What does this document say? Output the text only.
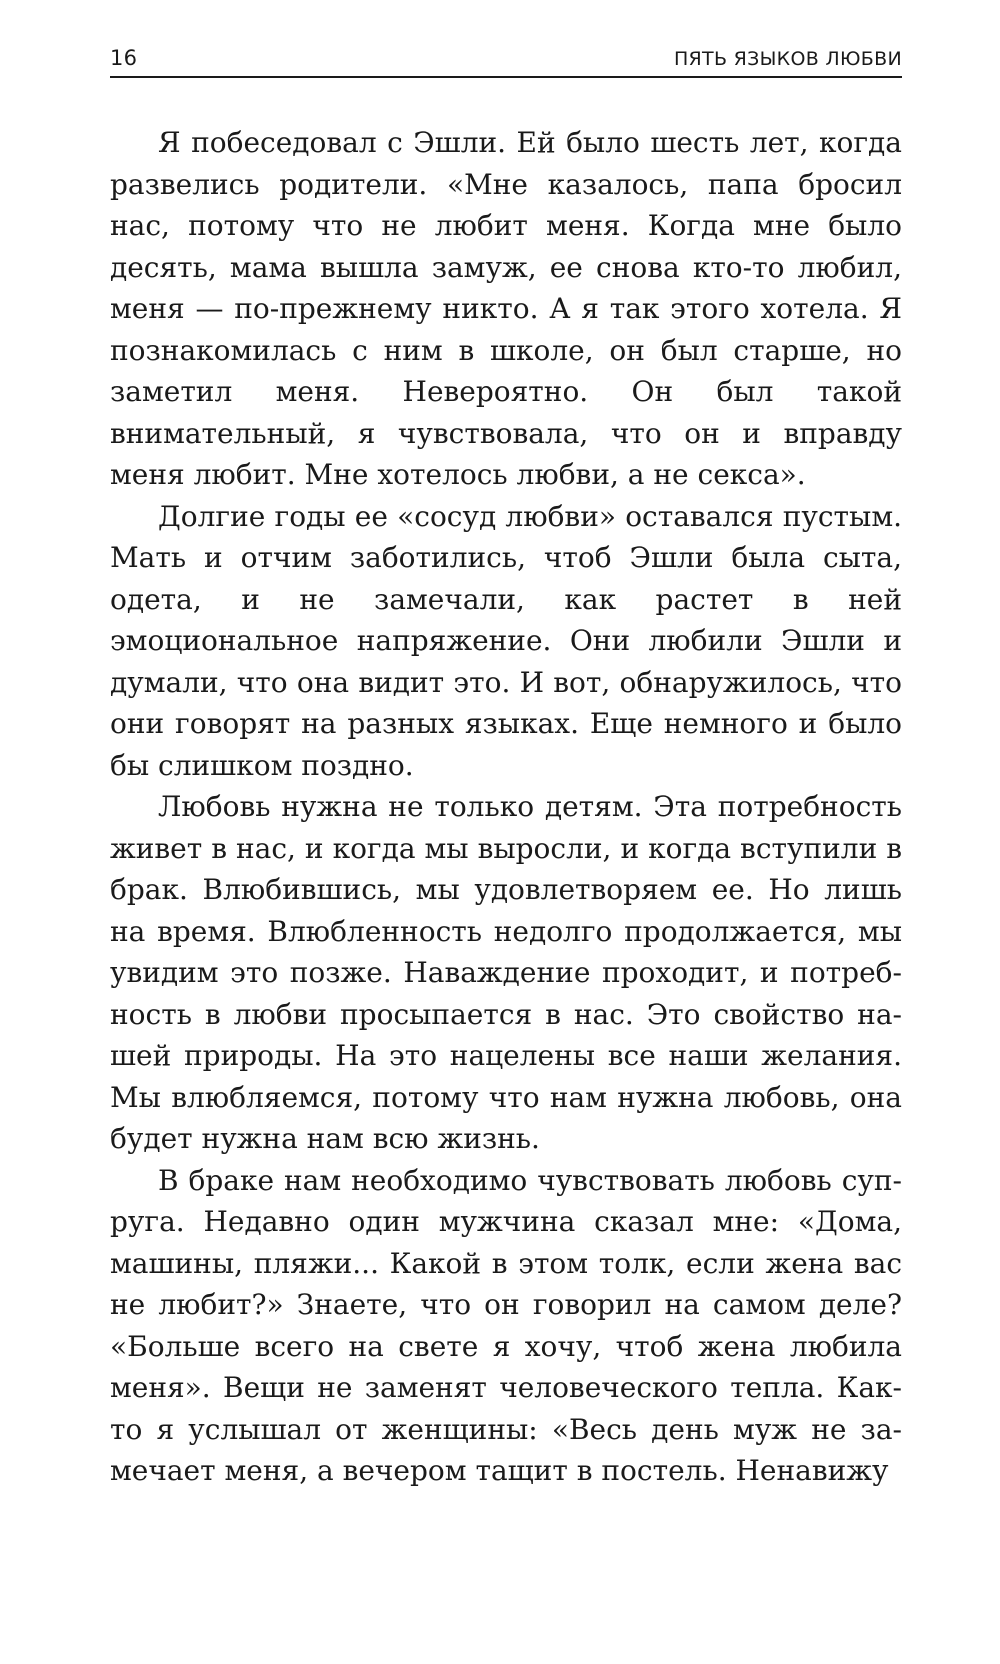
16	ПЯТЬ ЯЗЫКОВ ЛЮБВИ

Я побеседовал с Эшли. Ей было шесть лет, когда развелись родители. «Мне казалось, папа бросил нас, потому что не любит меня. Когда мне было десять, мама вышла замуж, ее снова кто-то любил, меня — по-прежнему никто. А я так этого хотела. Я познакомилась с ним в школе, он был старше, но заметил меня. Невероятно. Он был такой внимательный, я чувствовала, что он и вправду меня любит. Мне хотелось любви, а не секса».

Долгие годы ее «сосуд любви» оставался пустым. Мать и отчим заботились, чтоб Эшли была сыта, одета, и не замечали, как растет в ней эмоциональное напряжение. Они любили Эшли и думали, что она видит это. И вот, обнаружилось, что они говорят на разных языках. Еще немного и было бы слишком поздно.

Любовь нужна не только детям. Эта потребность живет в нас, и когда мы выросли, и когда вступили в брак. Влюбившись, мы удовлетворяем ее. Но лишь на время. Влюбленность недолго продолжается, мы увидим это позже. Наваждение проходит, и потребность в любви просыпается в нас. Это свойство нашей природы. На это нацелены все наши желания. Мы влюбляемся, потому что нам нужна любовь, она будет нужна нам всю жизнь.

В браке нам необходимо чувствовать любовь супруга. Недавно один мужчина сказал мне: «Дома, машины, пляжи... Какой в этом толк, если жена вас не любит?» Знаете, что он говорил на самом деле? «Больше всего на свете я хочу, чтоб жена любила меня». Вещи не заменят человеческого тепла. Както я услышал от женщины: «Весь день муж не замечает меня, а вечером тащит в постель. Ненавижу
